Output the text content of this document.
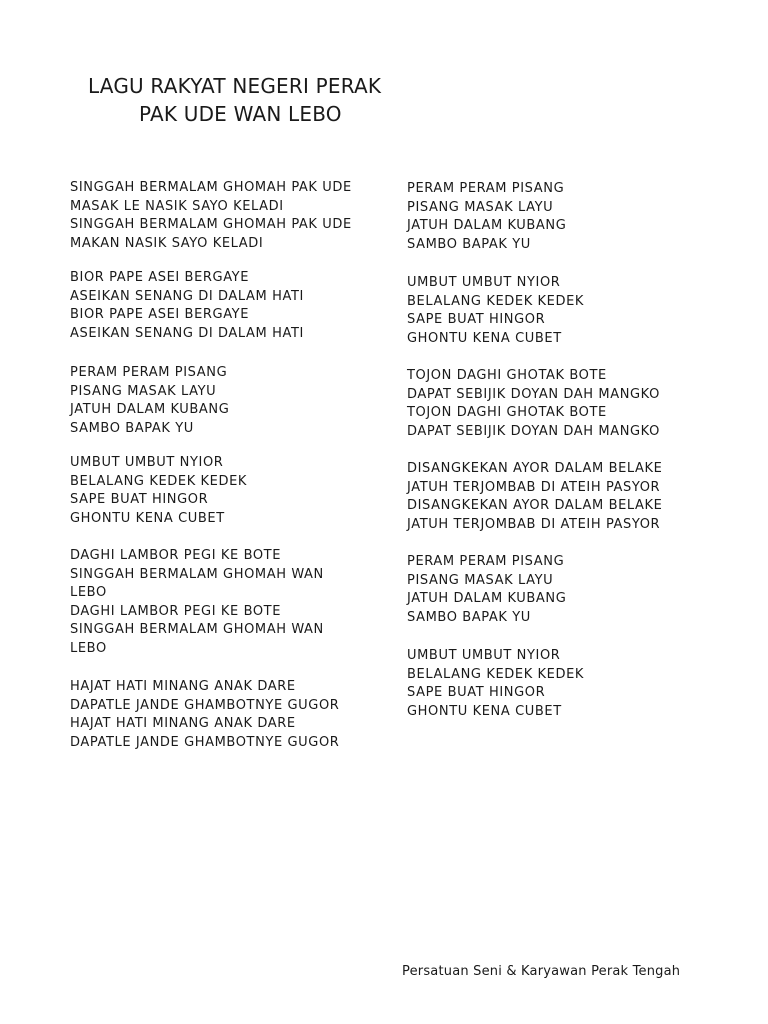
LAGU RAKYAT NEGERI PERAK
PAK UDE WAN LEBO
SINGGAH BERMALAM GHOMAH PAK UDE
MASAK LE NASIK SAYO KELADI
SINGGAH BERMALAM GHOMAH PAK UDE
MAKAN NASIK SAYO KELADI
BIOR PAPE ASEI BERGAYE
ASEIKAN SENANG DI DALAM HATI
BIOR PAPE ASEI BERGAYE
ASEIKAN SENANG DI DALAM HATI
PERAM PERAM PISANG
PISANG MASAK LAYU
JATUH DALAM KUBANG
SAMBO BAPAK YU
UMBUT UMBUT NYIOR
BELALANG KEDEK KEDEK
SAPE BUAT HINGOR
GHONTU KENA CUBET
DAGHI LAMBOR PEGI KE BOTE
SINGGAH BERMALAM GHOMAH WAN
LEBO
DAGHI LAMBOR PEGI KE BOTE
SINGGAH BERMALAM GHOMAH WAN
LEBO
HAJAT HATI MINANG ANAK DARE
DAPATLE JANDE GHAMBOTNYE GUGOR
HAJAT HATI MINANG ANAK DARE
DAPATLE JANDE GHAMBOTNYE GUGOR
PERAM PERAM PISANG
PISANG MASAK LAYU
JATUH DALAM KUBANG
SAMBO BAPAK YU
UMBUT UMBUT NYIOR
BELALANG KEDEK KEDEK
SAPE BUAT HINGOR
GHONTU KENA CUBET
TOJON DAGHI GHOTAK BOTE
DAPAT SEBIJIK DOYAN DAH MANGKO
TOJON DAGHI GHOTAK BOTE
DAPAT SEBIJIK DOYAN DAH MANGKO
DISANGKEKAN AYOR DALAM BELAKE
JATUH TERJOMBAB DI ATEIH PASYOR
DISANGKEKAN AYOR DALAM BELAKE
JATUH TERJOMBAB DI ATEIH PASYOR
PERAM PERAM PISANG
PISANG MASAK LAYU
JATUH DALAM KUBANG
SAMBO BAPAK YU
UMBUT UMBUT NYIOR
BELALANG KEDEK KEDEK
SAPE BUAT HINGOR
GHONTU KENA CUBET
Persatuan Seni & Karyawan Perak Tengah
